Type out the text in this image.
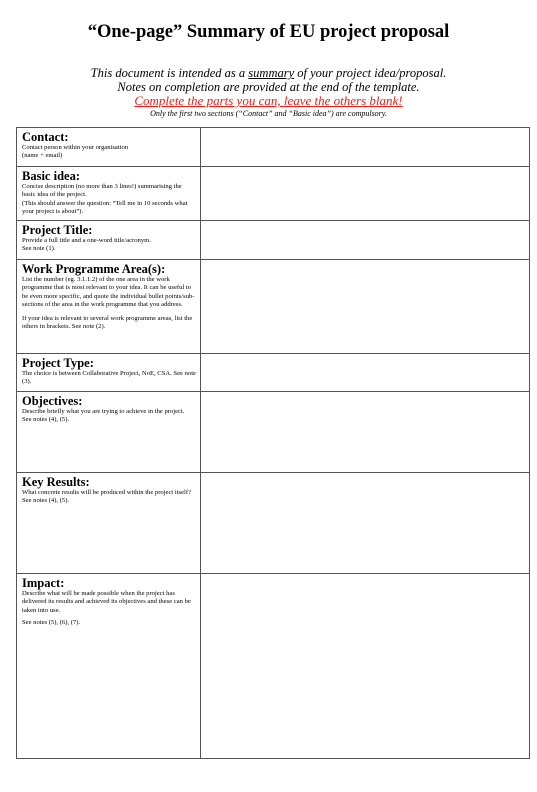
“One-page” Summary of EU project proposal
This document is intended as a summary of your project idea/proposal.
Notes on completion are provided at the end of the template.
Complete the parts you can, leave the others blank!
Only the first two sections (“Contact” and “Basic idea”) are compulsory.
Contact:
Contact person within your organisation
(name + email)	

Basic idea:
Concise description (no more than 3 lines!) summarising the basic idea of the project.
(This should answer the question: “Tell me in 10 seconds what your project is about”).	

Project Title:
Provide a full title and a one-word title/acronym.
See note (1).	

Work Programme Area(s):
List the number (eg. 3.1.1.2) of the one area in the work programme that is most relevant to your idea. It can be useful to be even more specific, and quote the individual bullet points/sub-sections of the area in the work programme that you address.
If your idea is relevant to several work programme areas, list the others in brackets. See note (2).	

Project Type:
The choice is between Collaborative Project, NoE, CSA. See note (3).	

Objectives:
Describe briefly what you are trying to achieve in the project.
See notes (4), (5).	

Key Results:
What concrete results will be produced within the project itself?
See notes (4), (5).	

Impact:
Describe what will be made possible when the project has delivered its results and achieved its objectives and these can be taken into use.
See notes (5), (6), (7).	
